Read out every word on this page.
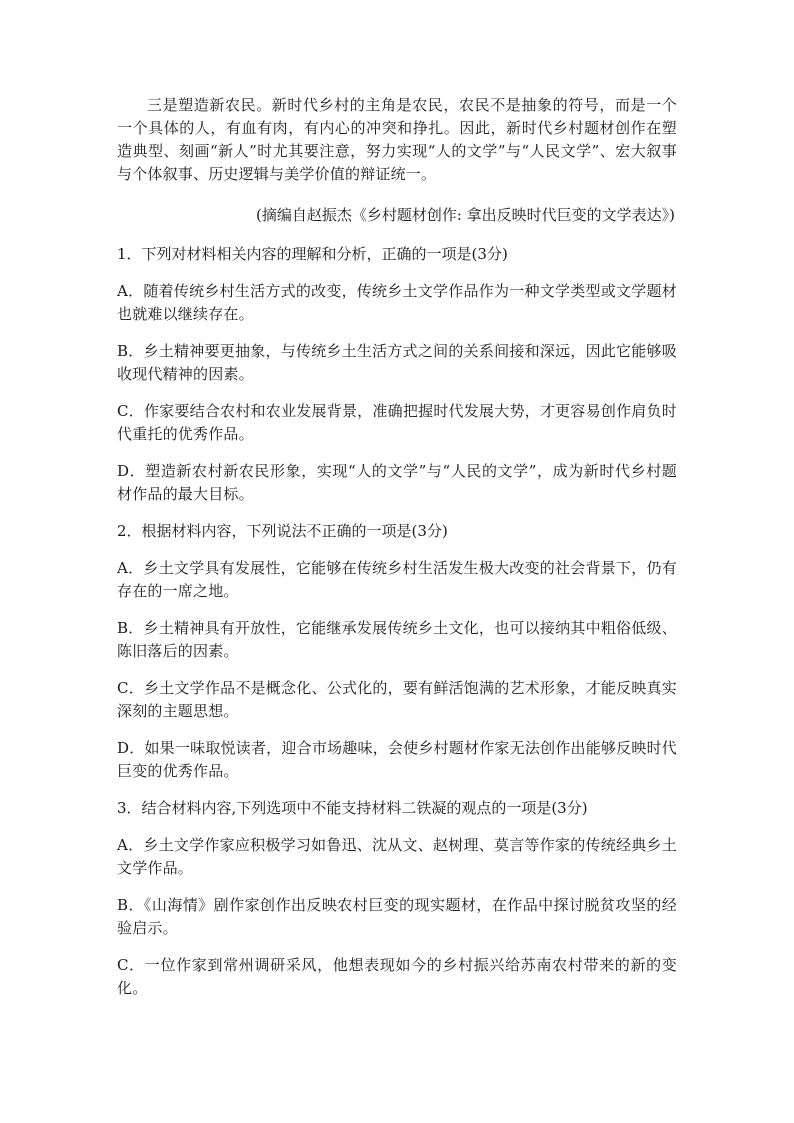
三是塑造新农民。新时代乡村的主角是农民，农民不是抽象的符号，而是一个一个具体的人，有血有肉，有内心的冲突和挣扎。因此，新时代乡村题材创作在塑造典型、刻画“新人”时尤其要注意，努力实现“人的文学”与“人民文学”、宏大叙事与个体叙事、历史逻辑与美学价值的辩证统一。

(摘编自赵振杰《乡村题材创作: 拿出反映时代巨变的文学表达》)

1．下列对材料相关内容的理解和分析，正确的一项是(3分)

A．随着传统乡村生活方式的改变，传统乡土文学作品作为一种文学类型或文学题材也就难以继续存在。

B．乡土精神要更抽象，与传统乡土生活方式之间的关系间接和深远，因此它能够吸收现代精神的因素。

C．作家要结合农村和农业发展背景，准确把握时代发展大势，才更容易创作肩负时代重托的优秀作品。

D．塑造新农村新农民形象，实现“人的文学”与“人民的文学”，成为新时代乡村题材作品的最大目标。

2．根据材料内容，下列说法不正确的一项是(3分)

A．乡土文学具有发展性，它能够在传统乡村生活发生极大改变的社会背景下，仍有存在的一席之地。

B．乡土精神具有开放性，它能继承发展传统乡土文化，也可以接纳其中粗俗低级、陈旧落后的因素。

C．乡土文学作品不是概念化、公式化的，要有鲜活饱满的艺术形象，才能反映真实深刻的主题思想。

D．如果一味取悦读者，迎合市场趣味，会使乡村题材作家无法创作出能够反映时代巨变的优秀作品。

3．结合材料内容,下列选项中不能支持材料二铁凝的观点的一项是(3分)

A．乡土文学作家应积极学习如鲁迅、沈从文、赵树理、莫言等作家的传统经典乡土文学作品。

B．《山海情》剧作家创作出反映农村巨变的现实题材，在作品中探讨脱贫攻坚的经验启示。

C．一位作家到常州调研采风，他想表现如今的乡村振兴给苏南农村带来的新的变化。
